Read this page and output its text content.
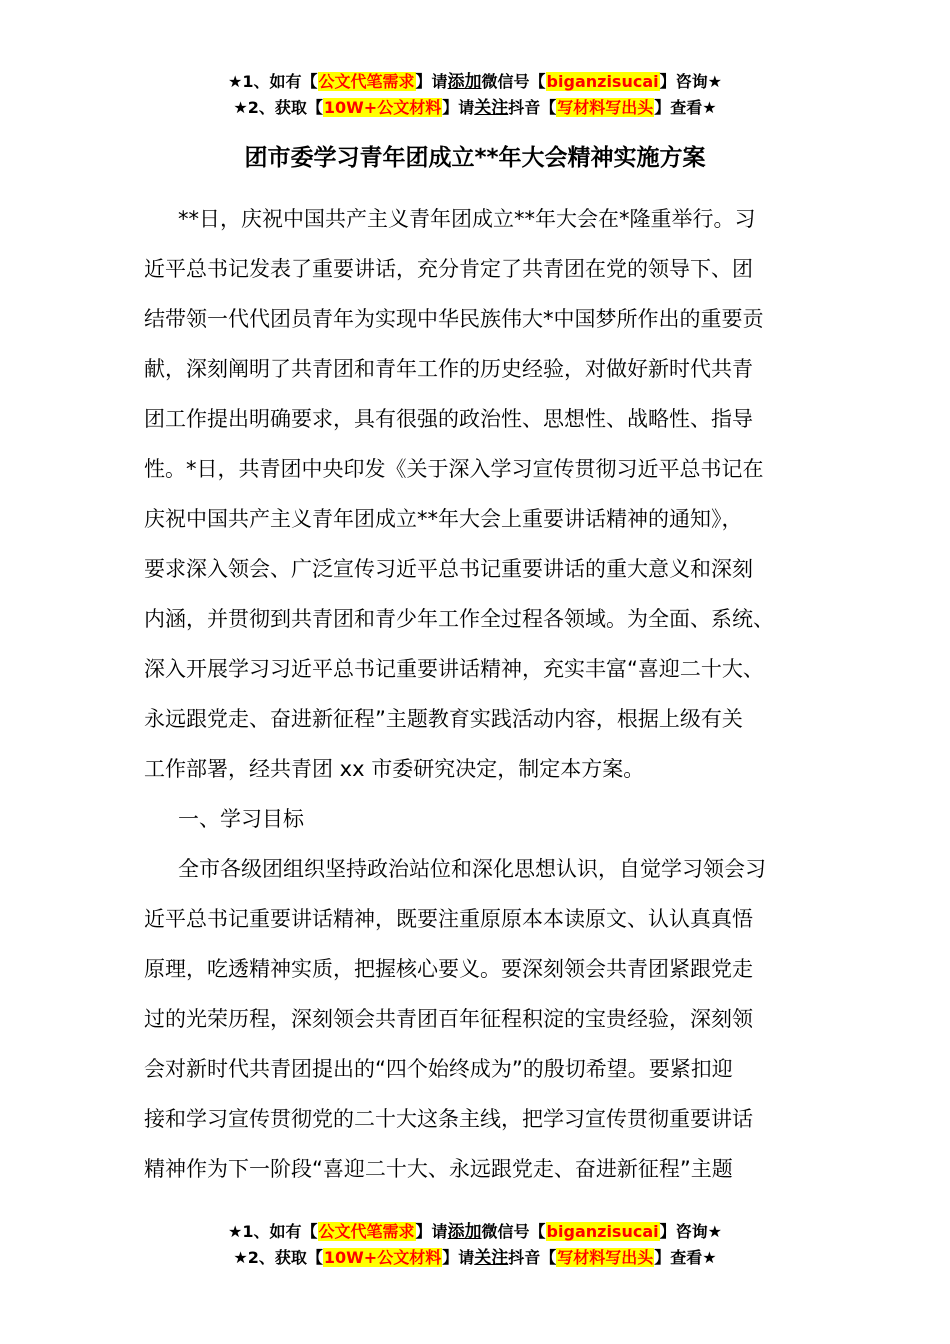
★1、如有【公文代笔需求】请添加微信号【biganzisucai】咨询★
★2、获取【10W+公文材料】请关注抖音【写材料写出头】查看★
团市委学习青年团成立**年大会精神实施方案
**日，庆祝中国共产主义青年团成立**年大会在*隆重举行。习
近平总书记发表了重要讲话，充分肯定了共青团在党的领导下、团
结带领一代代团员青年为实现中华民族伟大*中国梦所作出的重要贡
献，深刻阐明了共青团和青年工作的历史经验，对做好新时代共青
团工作提出明确要求，具有很强的政治性、思想性、战略性、指导
性。*日，共青团中央印发《关于深入学习宣传贯彻习近平总书记在
庆祝中国共产主义青年团成立**年大会上重要讲话精神的通知》，
要求深入领会、广泛宣传习近平总书记重要讲话的重大意义和深刻
内涵，并贯彻到共青团和青少年工作全过程各领域。为全面、系统、
深入开展学习习近平总书记重要讲话精神，充实丰富“喜迎二十大、
永远跟党走、奋进新征程”主题教育实践活动内容，根据上级有关
工作部署，经共青团 xx 市委研究决定，制定本方案。
一、学习目标
全市各级团组织坚持政治站位和深化思想认识，自觉学习领会习
近平总书记重要讲话精神，既要注重原原本本读原文、认认真真悟
原理，吃透精神实质，把握核心要义。要深刻领会共青团紧跟党走
过的光荣历程，深刻领会共青团百年征程积淀的宝贵经验，深刻领
会对新时代共青团提出的“四个始终成为”的殷切希望。要紧扣迎
接和学习宣传贯彻党的二十大这条主线，把学习宣传贯彻重要讲话
精神作为下一阶段“喜迎二十大、永远跟党走、奋进新征程”主题
★1、如有【公文代笔需求】请添加微信号【biganzisucai】咨询★
★2、获取【10W+公文材料】请关注抖音【写材料写出头】查看★
